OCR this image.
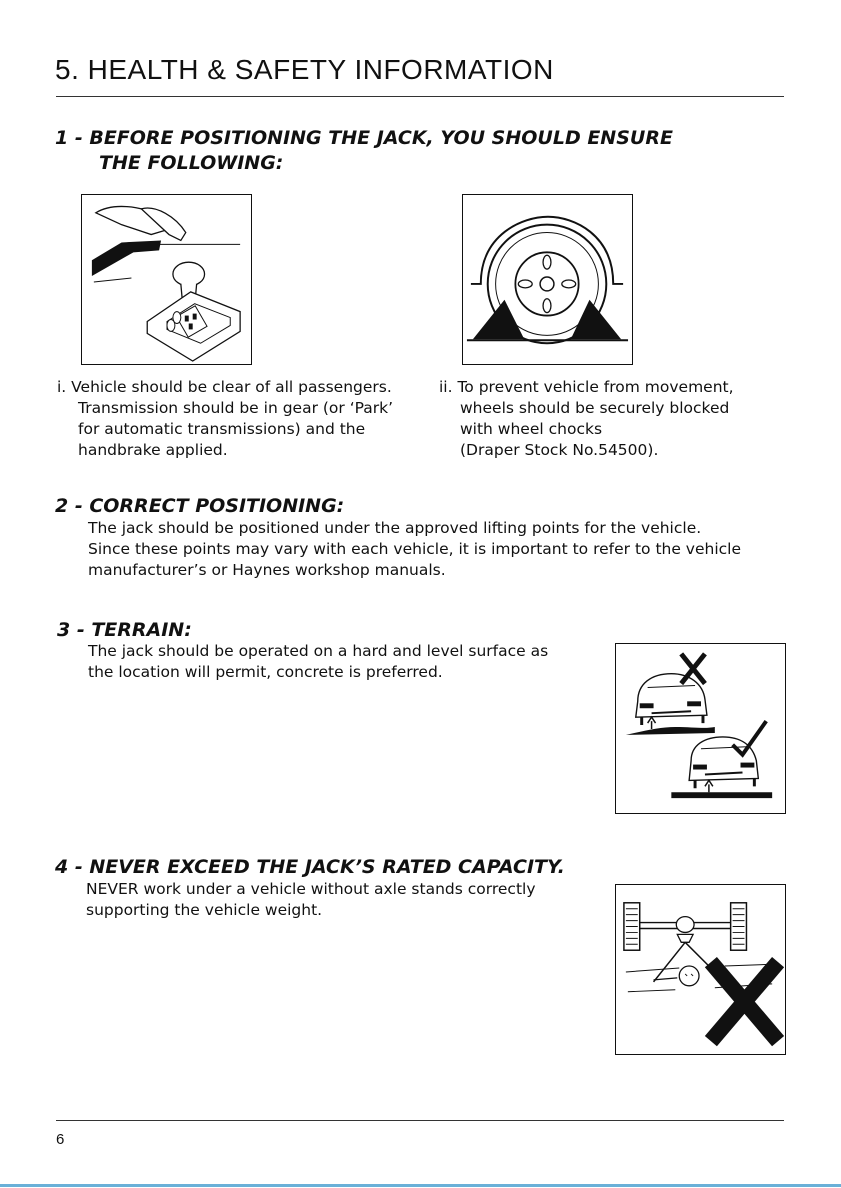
5. HEALTH & SAFETY INFORMATION
1 - BEFORE POSITIONING THE JACK, YOU SHOULD ENSURE
THE FOLLOWING:
i. Vehicle should be clear of all passengers.
Transmission should be in gear (or ‘Park’
for automatic transmissions) and the
handbrake applied.
ii. To prevent vehicle from movement,
wheels should be securely blocked
with wheel chocks
(Draper Stock No.54500).
2 - CORRECT POSITIONING:
The jack should be positioned under the approved lifting points for the vehicle.
Since these points may vary with each vehicle, it is important to refer to the vehicle
manufacturer’s or Haynes workshop manuals.
3 - TERRAIN:
The jack should be operated on a hard and level surface as
the location will permit, concrete is preferred.
4 - NEVER EXCEED THE JACK’S RATED CAPACITY.
NEVER work under a vehicle without axle stands correctly
supporting the vehicle weight.
6
